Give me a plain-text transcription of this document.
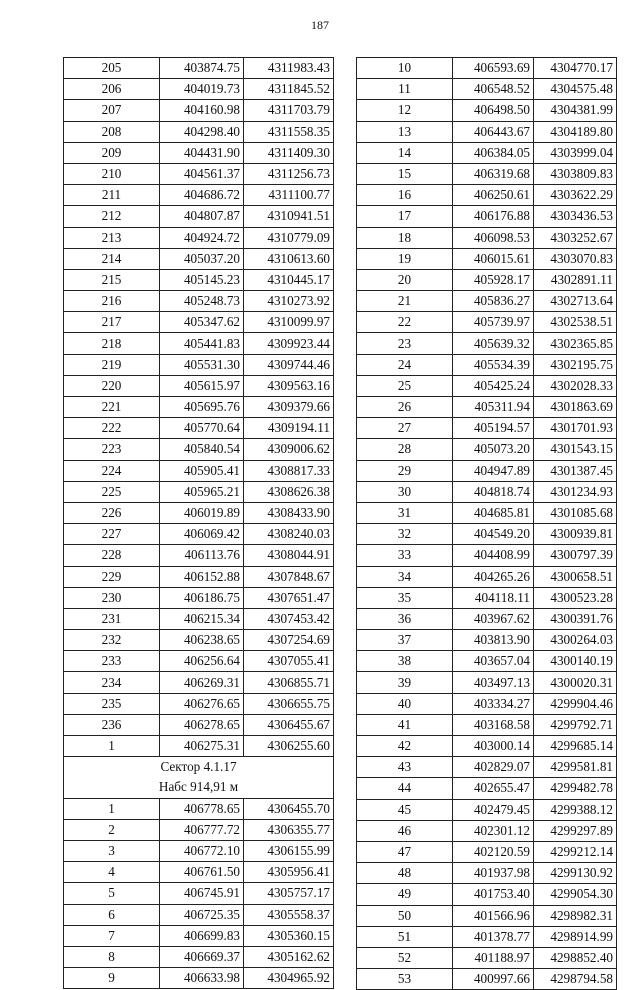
187
205	403874.75	4311983.43
206	404019.73	4311845.52
207	404160.98	4311703.79
208	404298.40	4311558.35
209	404431.90	4311409.30
210	404561.37	4311256.73
211	404686.72	4311100.77
212	404807.87	4310941.51
213	404924.72	4310779.09
214	405037.20	4310613.60
215	405145.23	4310445.17
216	405248.73	4310273.92
217	405347.62	4310099.97
218	405441.83	4309923.44
219	405531.30	4309744.46
220	405615.97	4309563.16
221	405695.76	4309379.66
222	405770.64	4309194.11
223	405840.54	4309006.62
224	405905.41	4308817.33
225	405965.21	4308626.38
226	406019.89	4308433.90
227	406069.42	4308240.03
228	406113.76	4308044.91
229	406152.88	4307848.67
230	406186.75	4307651.47
231	406215.34	4307453.42
232	406238.65	4307254.69
233	406256.64	4307055.41
234	406269.31	4306855.71
235	406276.65	4306655.75
236	406278.65	4306455.67
1	406275.31	4306255.60
Сектор 4.1.17		
Набс 914,91 м		
1	406778.65	4306455.70
2	406777.72	4306355.77
3	406772.10	4306155.99
4	406761.50	4305956.41
5	406745.91	4305757.17
6	406725.35	4305558.37
7	406699.83	4305360.15
8	406669.37	4305162.62
9	406633.98	4304965.92
10	406593.69	4304770.17
11	406548.52	4304575.48
12	406498.50	4304381.99
13	406443.67	4304189.80
14	406384.05	4303999.04
15	406319.68	4303809.83
16	406250.61	4303622.29
17	406176.88	4303436.53
18	406098.53	4303252.67
19	406015.61	4303070.83
20	405928.17	4302891.11
21	405836.27	4302713.64
22	405739.97	4302538.51
23	405639.32	4302365.85
24	405534.39	4302195.75
25	405425.24	4302028.33
26	405311.94	4301863.69
27	405194.57	4301701.93
28	405073.20	4301543.15
29	404947.89	4301387.45
30	404818.74	4301234.93
31	404685.81	4301085.68
32	404549.20	4300939.81
33	404408.99	4300797.39
34	404265.26	4300658.51
35	404118.11	4300523.28
36	403967.62	4300391.76
37	403813.90	4300264.03
38	403657.04	4300140.19
39	403497.13	4300020.31
40	403334.27	4299904.46
41	403168.58	4299792.71
42	403000.14	4299685.14
43	402829.07	4299581.81
44	402655.47	4299482.78
45	402479.45	4299388.12
46	402301.12	4299297.89
47	402120.59	4299212.14
48	401937.98	4299130.92
49	401753.40	4299054.30
50	401566.96	4298982.31
51	401378.77	4298914.99
52	401188.97	4298852.40
53	400997.66	4298794.58
